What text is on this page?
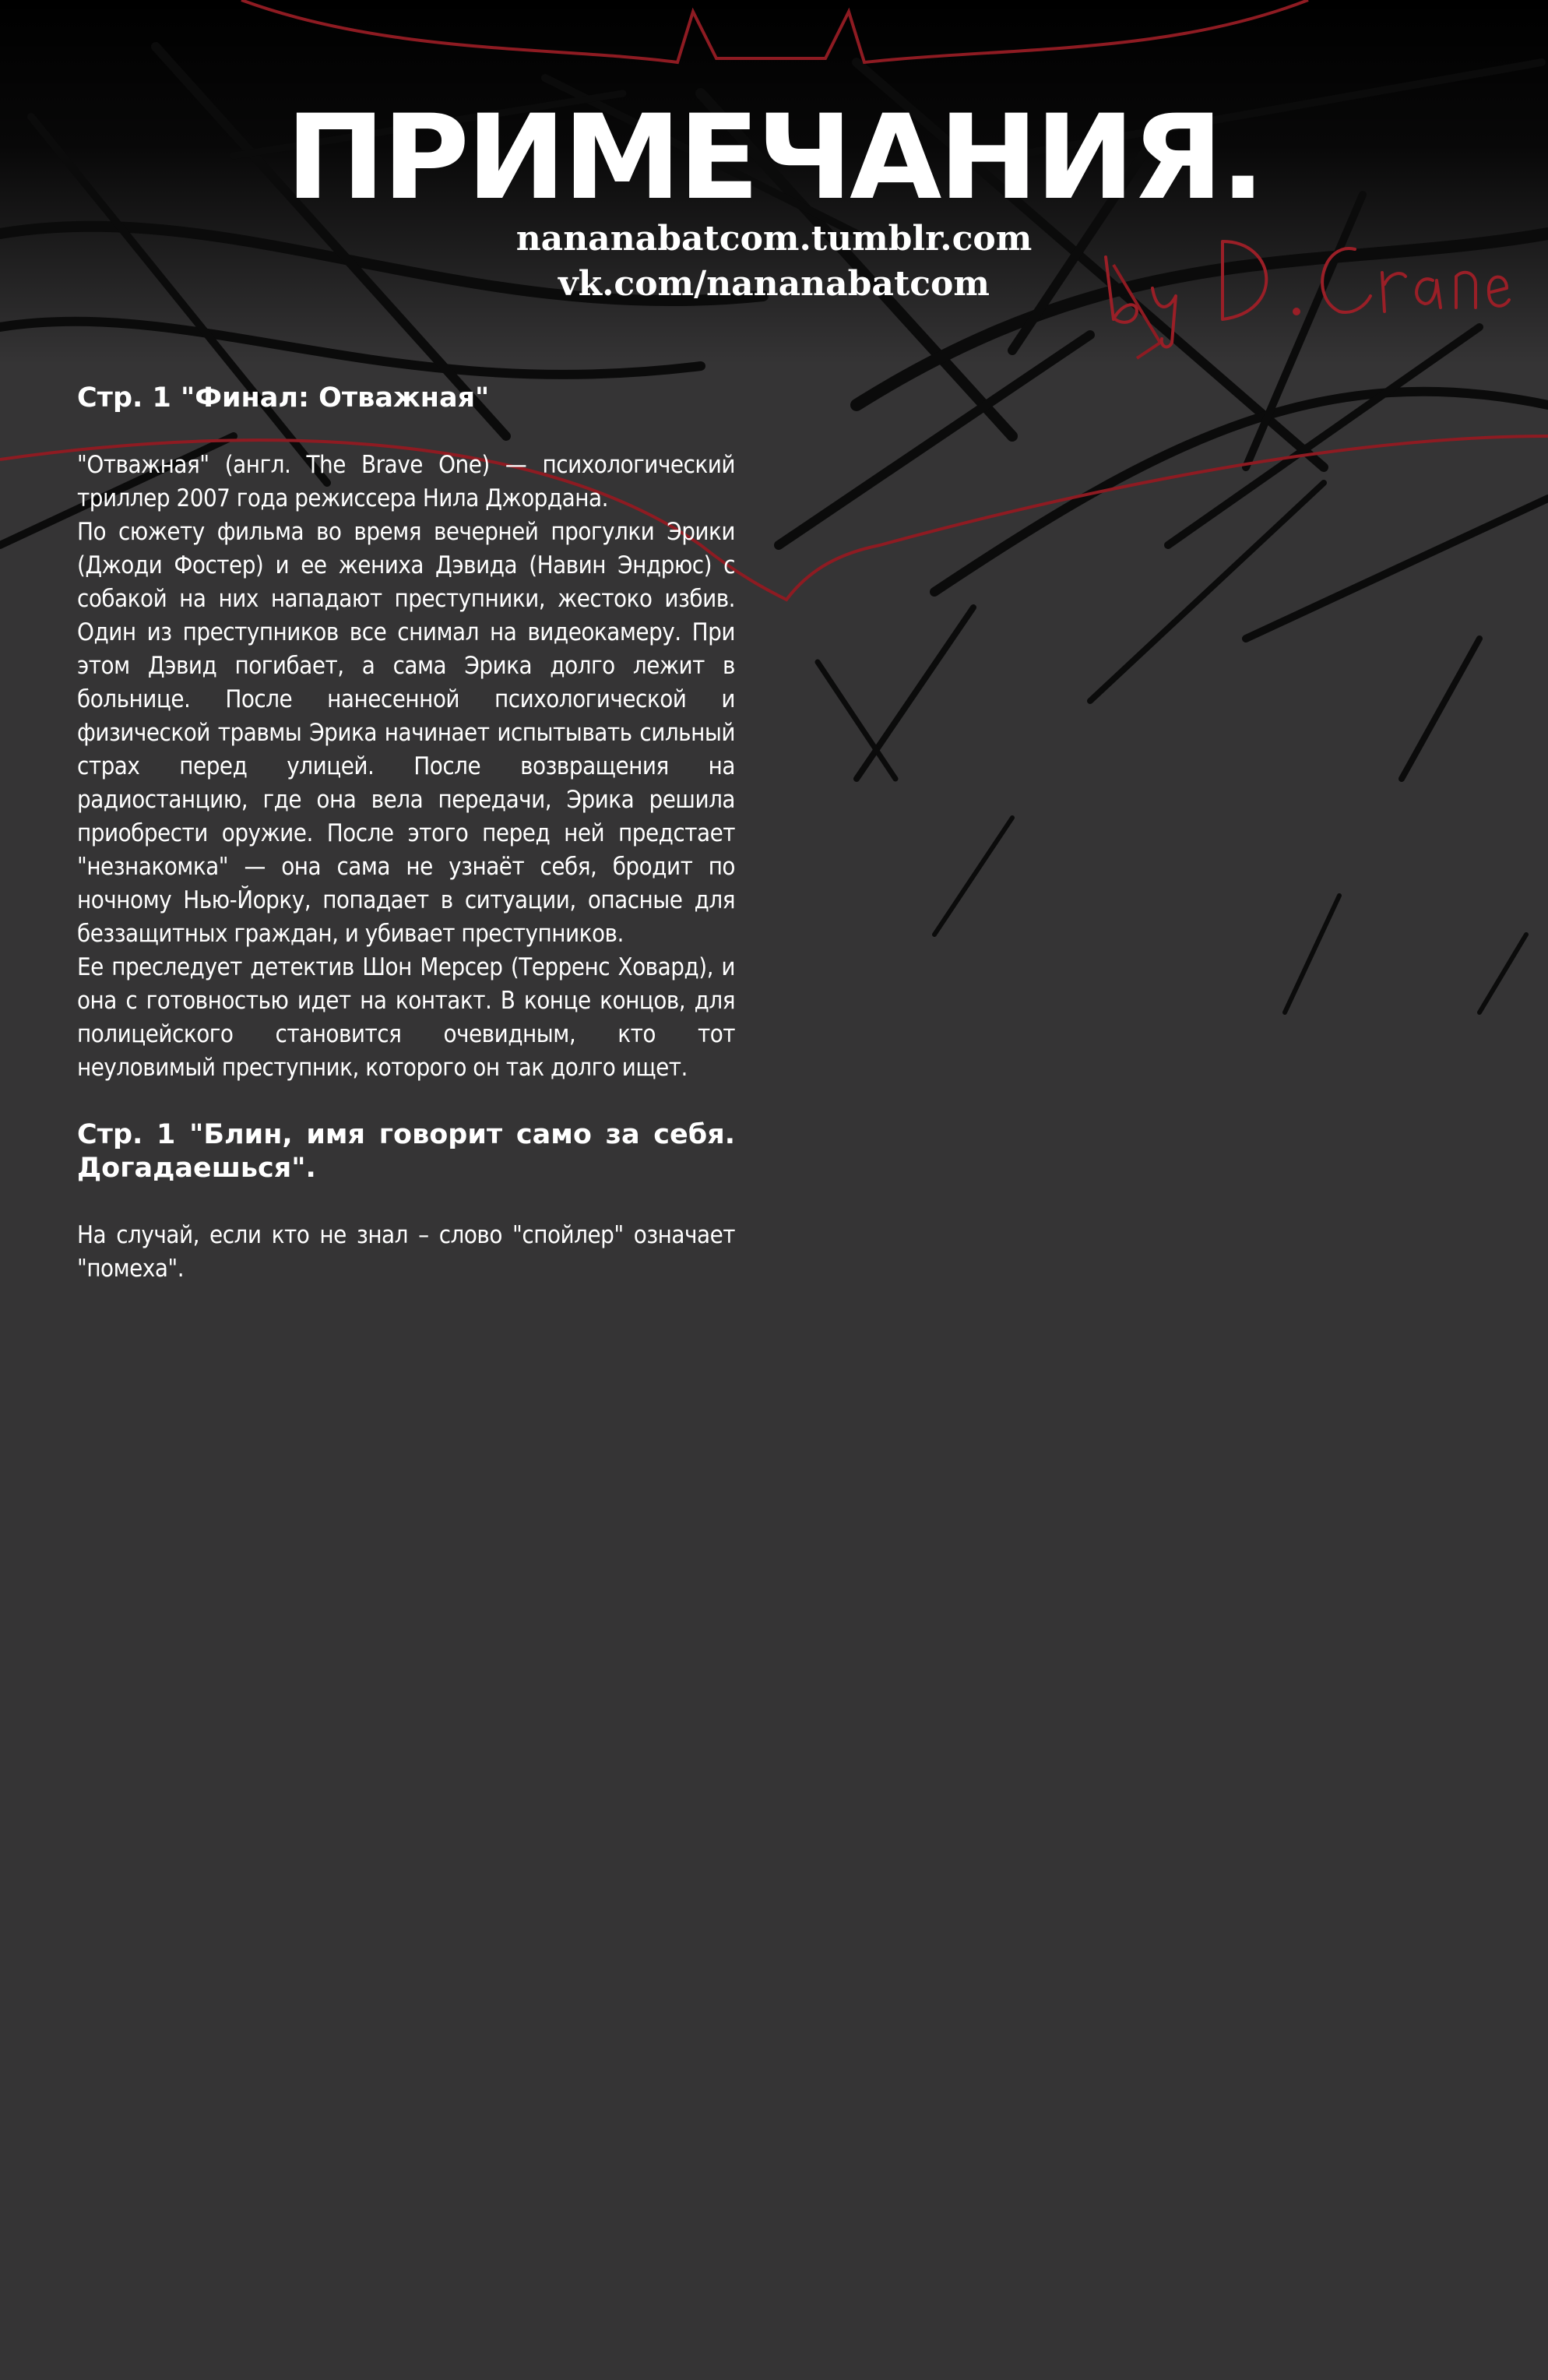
ПРИМЕЧАНИЯ.
nananabatcom.tumblr.com
vk.com/nananabatcom
Стр. 1 "Финал: Отважная"

"Отважная" (англ. The Brave One) — психологический триллер 2007 года режиссера Нила Джордана.

По сюжету фильма во время вечерней прогулки Эрики (Джоди Фостер) и ее жениха Дэвида (Навин Эндрюс) с собакой на них нападают преступники, жестоко избив. Один из преступников все снимал на видеокамеру. При этом Дэвид погибает, а сама Эрика долго лежит в больнице. После нанесенной психологической и физической травмы Эрика начинает испытывать сильный страх перед улицей. После возвращения на радиостанцию, где она вела передачи, Эрика решила приобрести оружие. После этого перед ней предстает "незнакомка" — она сама не узнаёт себя, бродит по ночному Нью-Йорку, попадает в ситуации, опасные для беззащитных граждан, и убивает преступников.

Ее преследует детектив Шон Мерсер (Терренс Ховард), и она с готовностью идет на контакт. В конце концов, для полицейского становится очевидным, кто тот неуловимый преступник, которого он так долго ищет.

Стр. 1 "Блин, имя говорит само за себя. Догадаешься".

На случай, если кто не знал – слово "спойлер" означает "помеха".
